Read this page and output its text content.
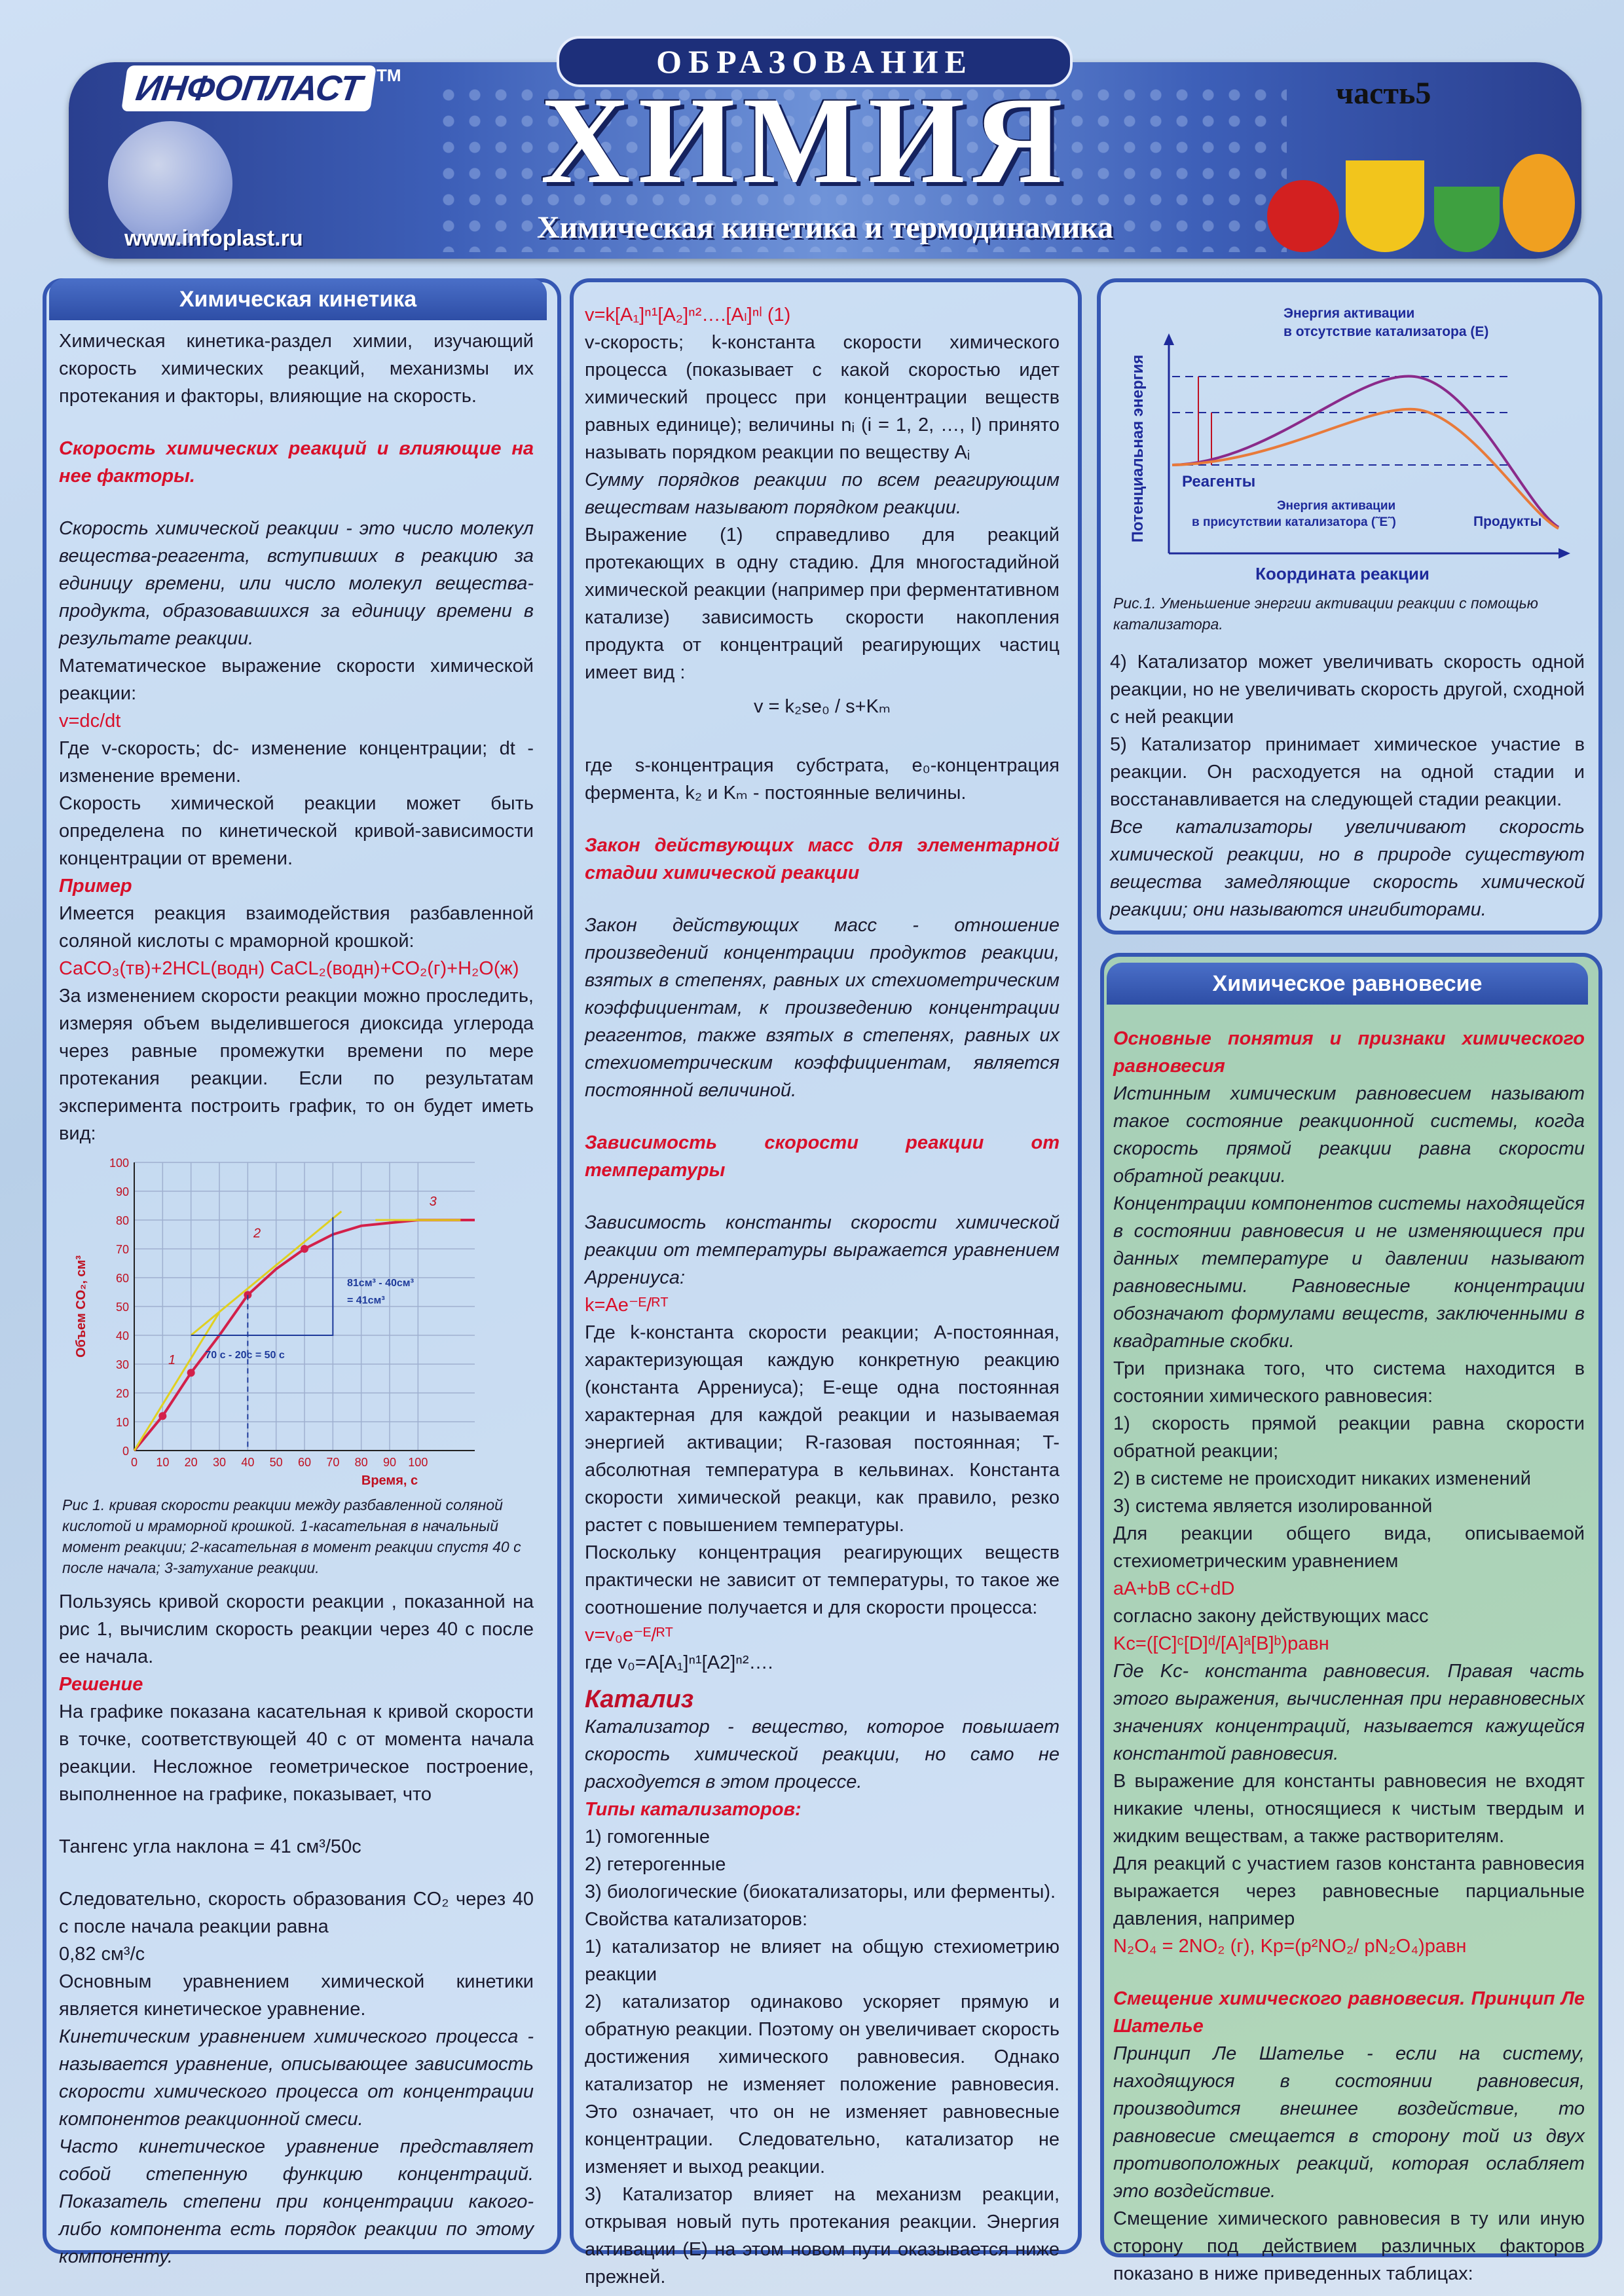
ИНФОПЛАСТ TM
www.infoplast.ru
ОБРАЗОВАНИЕ
ХИМИЯ
Химическая кинетика и термодинамика
часть5
Химическая кинетика

Химическая кинетика-раздел химии, изучающий скорость химических реакций, механизмы их протекания и факторы, влияющие на скорость.

Скорость химических реакций и влияющие на нее факторы.

Скорость химической реакции - это число молекул вещества-реагента, вступивших в реакцию за единицу времени, или число молекул вещества-продукта, образовавшихся за единицу времени в результате реакции.

Математическое выражение скорости химической реакции:

v=dc/dt

Где v-скорость; dc- изменение концентрации; dt - изменение времени.

Скорость химической реакции может быть определена по кинетической кривой-зависимости концентрации от времени.

Пример

Имеется реакция взаимодействия разбавленной соляной кислоты с мраморной крошкой:

CaCO₃(тв)+2HCL(водн) CaCL₂(водн)+CO₂(г)+H₂O(ж)

За изменением скорости реакции можно проследить, измеряя объем выделившегося диоксида углерода через равные промежутки времени по мере протекания реакции. Если по результатам эксперимента построить график, то он будет иметь вид:

0
10
20
30
40
50
60
70
80
90
100
0 10 20 30 40 50 60 70 80 90 100
Время, с
Объем CO₂, см³
1
2
3
81см³ - 40см³
= 41см³
70 с - 20с = 50 с
Рис 1. кривая скорости реакции между разбавленной соляной кислотой и мраморной крошкой. 1-касательная в начальный момент реакции; 2-касательная в момент реакции спустя 40 с после начала; 3-затухание реакции.

Пользуясь кривой скорости реакции , показанной на рис 1, вычислим скорость реакции через 40 с после ее начала.

Решение

На графике показана касательная к кривой скорости в точке, соответствующей 40 с от момента начала реакции. Несложное геометрическое построение, выполненное на графике, показывает, что

Тангенс угла наклона = 41 см³/50с

Следовательно, скорость образования CO₂ через 40 с после начала реакции равна

0,82 см³/с

Основным уравнением химической кинетики является кинетическое уравнение.

Кинетическим уравнением химического процесса - называется уравнение, описывающее зависимость скорости химического процесса от концентрации компонентов реакционной смеси.

Часто кинетическое уравнение представляет собой степенную функцию концентраций. Показатель степени при концентрации какого-либо компонента есть порядок реакции по этому компоненту.

v=k[A₁]ⁿ¹[A₂]ⁿ²….[Aₗ]ⁿˡ (1)

v-скорость; k-константа скорости химического процесса (показывает с какой скоростью идет химический процесс при концентрации веществ равных единице); величины nᵢ (i = 1, 2, …, l) принято называть порядком реакции по веществу Aᵢ

Сумму порядков реакции по всем реагирующим веществам называют порядком реакции.

Выражение (1) справедливо для реакций протекающих в одну стадию. Для многостадийной химической реакции (например при ферментативном катализе) зависимость скорости накопления продукта от концентраций реагирующих частиц имеет вид :

v = k₂se₀ / s+Kₘ

где s-концентрация субстрата, e₀-концентрация фермента, k₂ и Kₘ - постоянные величины.

Закон действующих масс для элементарной стадии химической реакции

Закон действующих масс - отношение произведений концентрации продуктов реакции, взятых в степенях, равных их стехиометрическим коэффициентам, к произведению концентрации реагентов, также взятых в степенях, равных их стехиометрическим коэффициентам, является постоянной величиной.

Зависимость скорости реакции от температуры

Зависимость константы скорости химической реакции от температуры выражается уравнением Аррениуса:

k=Ae⁻ᴱ/ᴿᵀ

Где k-константа скорости реакции; A-постоянная, характеризующая каждую конкретную реакцию (константа Аррениуса); E-еще одна постоянная характерная для каждой реакции и называемая энергией активации; R-газовая постоянная; T-абсолютная температура в кельвинах. Константа скорости химической реакци, как правило, резко растет с повышением температуры.

Поскольку концентрация реагирующих веществ практически не зависит от температуры, то такое же соотношение получается и для скорости процесса:

v=v₀e⁻ᴱ/ᴿᵀ

где v₀=A[A₁]ⁿ¹[A2]ⁿ²….

Катализ

Катализатор - вещество, которое повышает скорость химической реакции, но само не расходуется в этом процессе.

Типы катализаторов:

1) гомогенные

2) гетерогенные

3) биологические (биокатализаторы, или ферменты).

Свойства катализаторов:

1) катализатор не влияет на общую стехиометрию реакции

2) катализатор одинаково ускоряет прямую и обратную реакции. Поэтому он увеличивает скорость достижения химического равновесия. Однако катализатор не изменяет положение равновесия. Это означает, что он не изменяет равновесные концентрации. Следовательно, катализатор не изменяет и выход реакции.

3) Катализатор влияет на механизм реакции, открывая новый путь протекания реакции. Энергия активации (E) на этом новом пути оказывается ниже прежней.

Потенциальная энергия
Координата реакции
Энергия активации
в отсутствие катализатора (E)
Энергия активации
в присутствии катализатора (˜E˜)
Реагенты
Продукты
Рис.1. Уменьшение энергии активации реакции с помощью катализатора.

4) Катализатор может увеличивать скорость одной реакции, но не увеличивать скорость другой, сходной с ней реакции

5) Катализатор принимает химическое участие в реакции. Он расходуется на одной стадии и восстанавливается на следующей стадии реакции.

Все катализаторы увеличивают скорость химической реакции, но в природе существуют вещества замедляющие скорость химической реакции; они называются ингибиторами.

Химическое равновесие

Основные понятия и признаки химического равновесия

Истинным химическим равновесием называют такое состояние реакционной системы, когда скорость прямой реакции равна скорости обратной реакции.

Концентрации компонентов системы находящейся в состоянии равновесия и не изменяющиеся при данных температуре и давлении называют равновесными. Равновесные концентрации обозначают формулами веществ, заключенными в квадратные скобки.

Три признака того, что система находится в состоянии химического равновесия:

1) скорость прямой реакции равна скорости обратной реакции;

2) в системе не происходит никаких изменений

3) система является изолированной

Для реакции общего вида, описываемой стехиометрическим уравнением

aA+bB cC+dD

согласно закону действующих масс

Kc=([C]ᶜ[D]ᵈ/[A]ᵃ[B]ᵇ)равн

Где Kс- константа равновесия. Правая часть этого выражения, вычисленная при неравновесных значениях концентраций, называется кажущейся константой равновесия.

В выражение для константы равновесия не входят никакие члены, относящиеся к чистым твердым и жидким веществам, а также растворителям.

Для реакций с участием газов константа равновесия выражается через равновесные парциальные давления, например

N₂O₄ = 2NO₂ (г), Kp=(p²NO₂/ pN₂O₄)равн

Смещение химического равновесия. Принцип Ле Шателье

Принцип Ле Шателье - если на систему, находящуюся в состоянии равновесия, производится внешнее воздействие, то равновесие смещается в сторону той из двух противоположных реакций, которая ослабляет это воздействие.

Смещение химического равновесия в ту или иную сторону под действием различных факторов показано в ниже приведенных таблицах:
